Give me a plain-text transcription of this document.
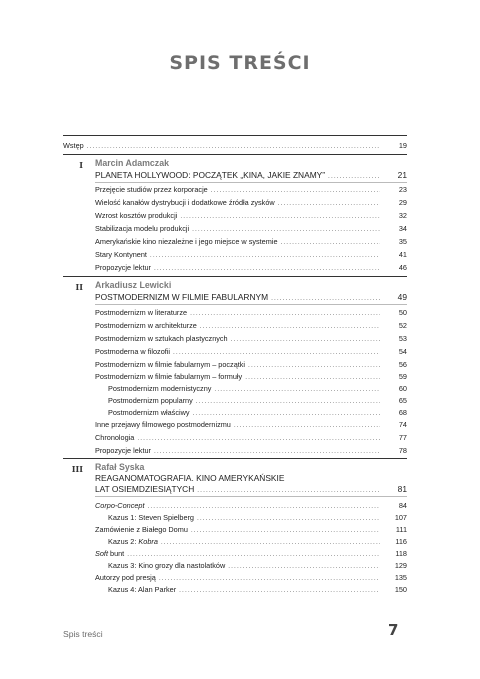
SPIS TREŚCI
Wstęp .....	19
I Marcin Adamczak
PLANETA HOLLYWOOD: POCZĄTEK „KINA, JAKIE ZNAMY” .....	21
Przejęcie studiów przez korporacje .....	23
Wielość kanałów dystrybucji i dodatkowe źródła zysków .....	29
Wzrost kosztów produkcji .....	32
Stabilizacja modelu produkcji .....	34
Amerykańskie kino niezależne i jego miejsce w systemie .....	35
Stary Kontynent .....	41
Propozycje lektur .....	46
II Arkadiusz Lewicki
POSTMODERNIZM W FILMIE FABULARNYM .....	49
Postmodernizm w literaturze .....	50
Postmodernizm w architekturze .....	52
Postmodernizm w sztukach plastycznych .....	53
Postmoderna w filozofii .....	54
Postmodernizm w filmie fabularnym – początki .....	56
Postmodernizm w filmie fabularnym – formuły .....	59
Postmodernizm modernistyczny .....	60
Postmodernizm popularny .....	65
Postmodernizm właściwy .....	68
Inne przejawy filmowego postmodernizmu .....	74
Chronologia .....	77
Propozycje lektur .....	78
III Rafał Syska
REAGANOMATOGRAFIA. KINO AMERYKAŃSKIE
LAT OSIEMDZIESIĄTYCH .....	81
Corpo-Concept .....	84
Kazus 1: Steven Spielberg .....	107
Zamówienie z Białego Domu .....	111
Kazus 2: Kobra .....	116
Soft bunt .....	118
Kazus 3: Kino grozy dla nastolatków .....	129
Autorzy pod presją .....	135
Kazus 4: Alan Parker .....	150
Spis treści	7
